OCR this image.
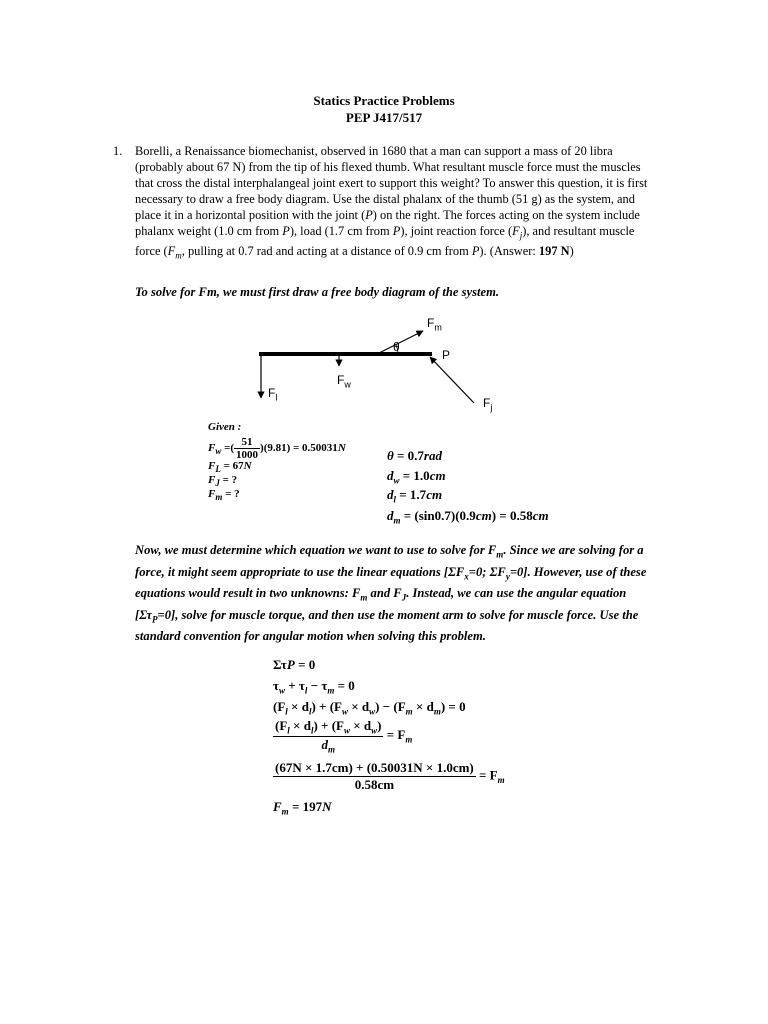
Statics Practice Problems
PEP J417/517
1. Borelli, a Renaissance biomechanist, observed in 1680 that a man can support a mass of 20 libra (probably about 67 N) from the tip of his flexed thumb. What resultant muscle force must the muscles that cross the distal interphalangeal joint exert to support this weight? To answer this question, it is first necessary to draw a free body diagram. Use the distal phalanx of the thumb (51 g) as the system, and place it in a horizontal position with the joint (P) on the right. The forces acting on the system include phalanx weight (1.0 cm from P), load (1.7 cm from P), joint reaction force $(F_j)$, and resultant muscle force ($F_m$, pulling at 0.7 rad and acting at a distance of 0.9 cm from P). (Answer: 197 N)
To solve for Fm, we must first draw a free body diagram of the system.
$F_m$
θ
P
$F_w$
$F_l$	$F_j$
Given :
$F_w$ =( $\frac{51}{1000} )(9.81) = 0.50031N$
$F_L = 67N$
$F_J$ = ?
$F_m$ = ?
θ = 0.7rad
$d_w = 1.0cm$
$d_l = 1.7cm$
$d_m = (\sin 0.7)(0.9cm) = 0.58cm$
Now, we must determine which equation we want to use to solve for $F_m$. Since we are solving for a force, it might seem appropriate to use the linear equations [$\Sigma F_x=0$; $\Sigma F_y=0$]. However, use of these equations would result in two unknowns: $F_m$ and $F_J$. Instead, we can use the angular equation $[\Sigma\tau_P=0]$, solve for muscle torque, and then use the moment arm to solve for muscle force. Use the standard convention for angular motion when solving this problem.
ΣτP = 0
$\tau_w + \tau_l - \tau_m = 0$
$(F_l \times d_l) + (F_w \times d_w) - (F_m \times d_m) = 0$
$\frac{(F_l \times d_l) + (F_w \times d_w)}{d_m} = F_m$
$\frac{(67N \times 1.7cm) + (0.50031N \times 1.0cm)}{0.58cm} = F_m$
$F_m = 197N$
